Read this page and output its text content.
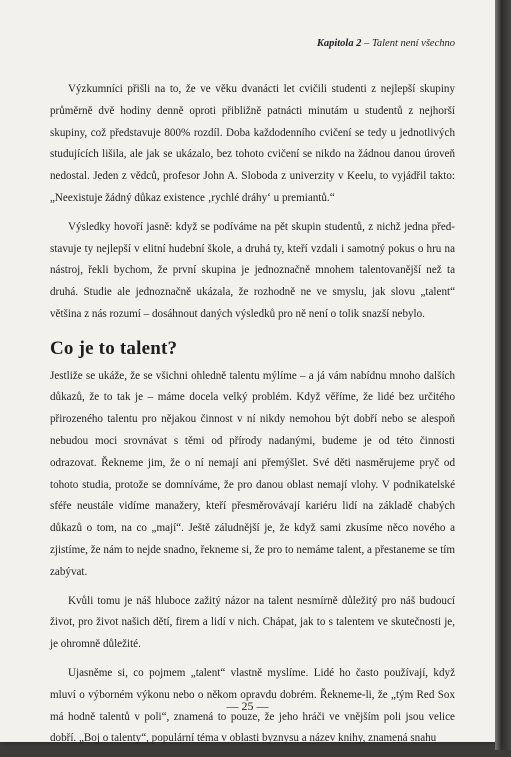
Kapitola 2 – Talent není všechno

Výzkumníci přišli na to, že ve věku dvanácti let cvičili studenti z nejlepší skupiny průměrně dvě hodiny denně oproti přibližně patnácti minutám u studentů z nejhorší skupiny, což představuje 800% rozdíl. Doba každodenního cvičení se tedy u jednotlivých studujících lišila, ale jak se ukázalo, bez tohoto cvičení se nikdo na žádnou danou úroveň nedostal. Jeden z vědců, profesor John A. Sloboda z univerzity v Keelu, to vyjádřil takto: „Neexistuje žádný důkaz existence ‚rychlé dráhy‘ u premiantů.“

Výsledky hovoří jasně: když se podíváme na pět skupin studentů, z nichž jedna představuje ty nejlepší v elitní hudební škole, a druhá ty, kteří vzdali i samotný pokus o hru na nástroj, řekli bychom, že první skupina je jednoznačně mnohem talentovanější než ta druhá. Studie ale jednoznačně ukázala, že rozhodně ne ve smyslu, jak slovu „talent“ většina z nás rozumí – dosáhnout daných výsledků pro ně není o tolik snazší nebylo.

Co je to talent?

Jestliže se ukáže, že se všichni ohledně talentu mýlíme – a já vám nabídnu mnoho dalších důkazů, že to tak je – máme docela velký problém. Když věříme, že lidé bez určitého přirozeného talentu pro nějakou činnost v ní nikdy nemohou být dobří nebo se alespoň nebudou moci srovnávat s těmi od přírody nadanými, budeme je od této činnosti odrazovat. Řekneme jim, že o ní nemají ani přemýšlet. Své děti nasměrujeme pryč od tohoto studia, protože se domníváme, že pro danou oblast nemají vlohy. V podnikatelské sféře neustále vidíme manažery, kteří přesměrovávají kariéru lidí na základě chabých důkazů o tom, na co „mají“. Ještě záludnější je, že když sami zkusíme něco nového a zjistíme, že nám to nejde snadno, řekneme si, že pro to nemáme talent, a přestaneme se tím zabývat.

Kvůli tomu je náš hluboce zažitý názor na talent nesmírně důležitý pro náš budoucí život, pro život našich dětí, firem a lidí v nich. Chápat, jak to s talentem ve skutečnosti je, je ohromně důležité.

Ujasněme si, co pojmem „talent“ vlastně myslíme. Lidé ho často používají, když mluví o výborném výkonu nebo o někom opravdu dobrém. Řekneme-li, že „tým Red Sox má hodně talentů v poli“, znamená to pouze, že jeho hráči ve vnějším poli jsou velice dobří. „Boj o talenty“, populární téma v oblasti byznysu a název knihy, znamená snahu

— 25 —
